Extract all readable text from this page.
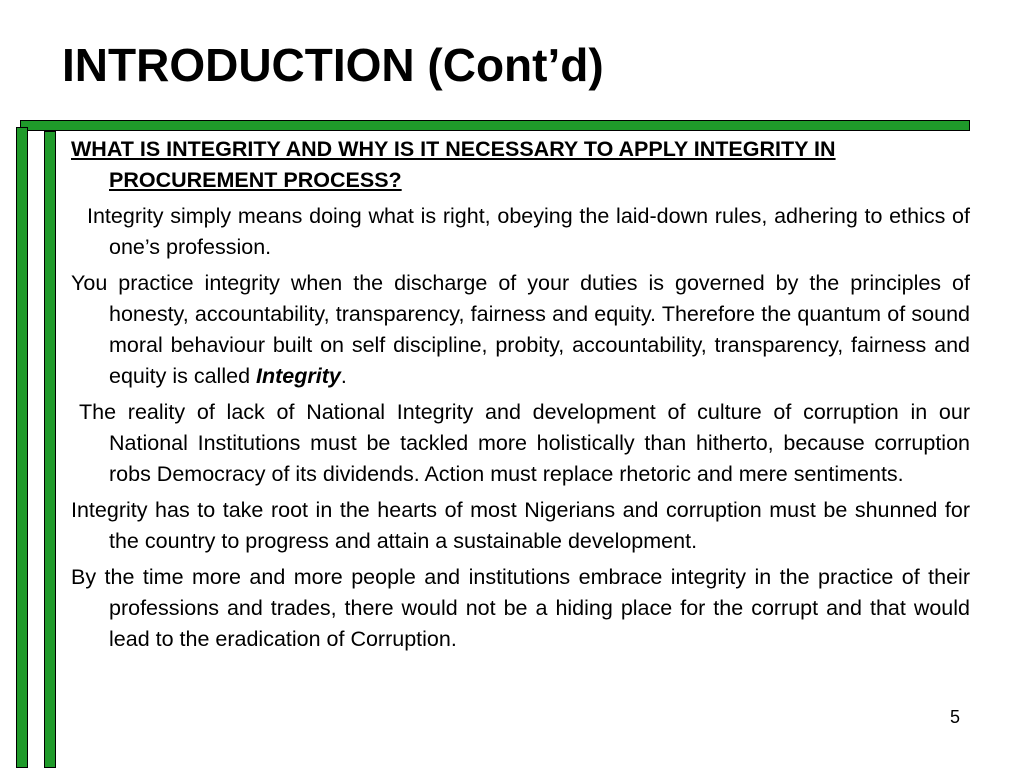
INTRODUCTION (Cont’d)

WHAT IS INTEGRITY AND WHY IS IT NECESSARY TO APPLY INTEGRITY IN PROCUREMENT PROCESS?

Integrity simply means doing what is right, obeying the laid-down rules, adhering to ethics of one’s profession.

You practice integrity when the discharge of your duties is governed by the principles of honesty, accountability, transparency, fairness and equity. Therefore the quantum of sound moral behaviour built on self discipline, probity, accountability, transparency, fairness and equity is called Integrity.

The reality of lack of National Integrity and development of culture of corruption in our National Institutions must be tackled more holistically than hitherto, because corruption robs Democracy of its dividends. Action must replace rhetoric and mere sentiments.

Integrity has to take root in the hearts of most Nigerians and corruption must be shunned for the country to progress and attain a sustainable development.

By the time more and more people and institutions embrace integrity in the practice of their professions and trades, there would not be a hiding place for the corrupt and that would lead to the eradication of Corruption.

5
